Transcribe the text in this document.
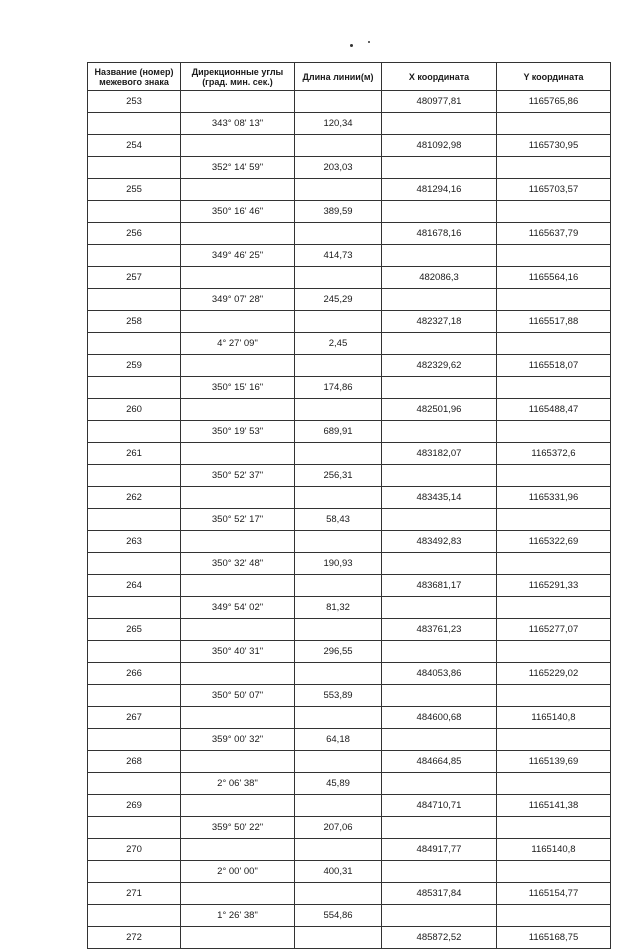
Название (номер)
межевого знака	Дирекционные углы
(град. мин. сек.)	Длина линии(м)	X координата	Y координата
253			480977,81	1165765,86
	343° 08' 13"	120,34		
254			481092,98	1165730,95
	352° 14' 59"	203,03		
255			481294,16	1165703,57
	350° 16' 46"	389,59		
256			481678,16	1165637,79
	349° 46' 25"	414,73		
257			482086,3	1165564,16
	349° 07' 28"	245,29		
258			482327,18	1165517,88
	4° 27' 09"	2,45		
259			482329,62	1165518,07
	350° 15' 16"	174,86		
260			482501,96	1165488,47
	350° 19' 53"	689,91		
261			483182,07	1165372,6
	350° 52' 37"	256,31		
262			483435,14	1165331,96
	350° 52' 17"	58,43		
263			483492,83	1165322,69
	350° 32' 48"	190,93		
264			483681,17	1165291,33
	349° 54' 02"	81,32		
265			483761,23	1165277,07
	350° 40' 31"	296,55		
266			484053,86	1165229,02
	350° 50' 07"	553,89		
267			484600,68	1165140,8
	359° 00' 32"	64,18		
268			484664,85	1165139,69
	2° 06' 38"	45,89		
269			484710,71	1165141,38
	359° 50' 22"	207,06		
270			484917,77	1165140,8
	2° 00' 00"	400,31		
271			485317,84	1165154,77
	1° 26' 38"	554,86		
272			485872,52	1165168,75
